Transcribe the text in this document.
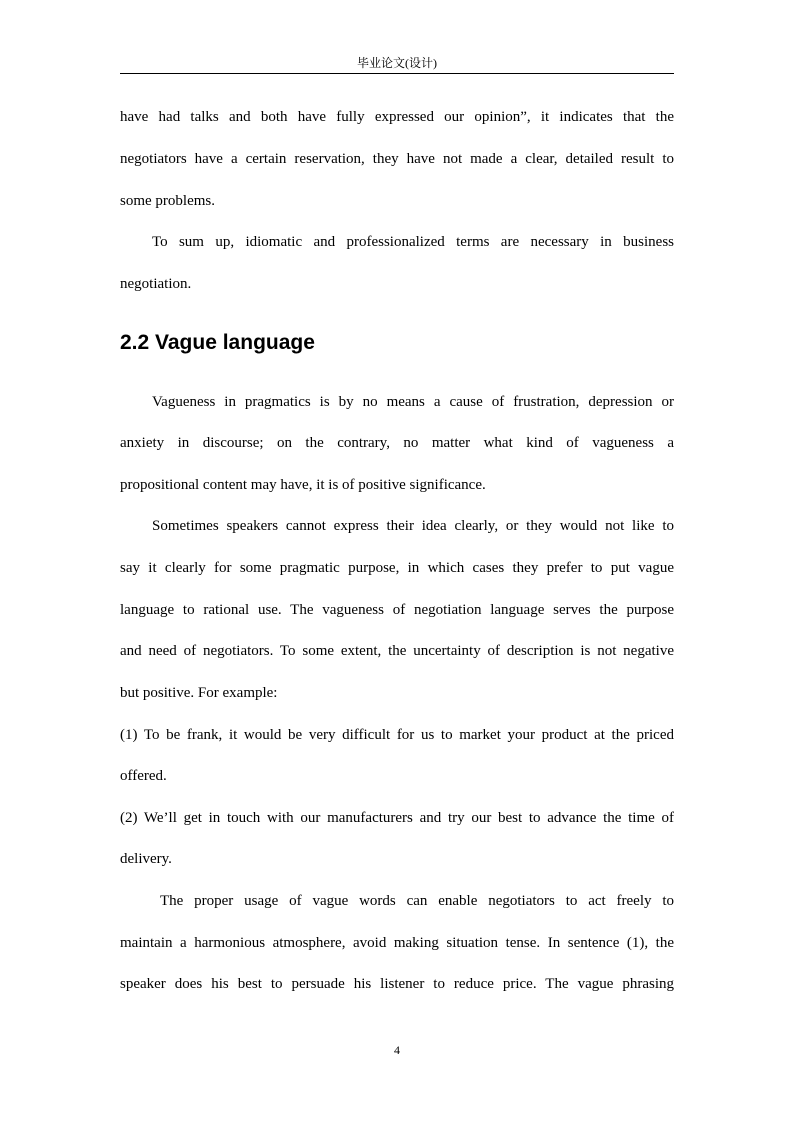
毕业论文(设计)
have had talks and both have fully expressed our opinion”, it indicates that the
negotiators have a certain reservation, they have not made a clear, detailed result to
some problems.
To sum up, idiomatic and professionalized terms are necessary in business
negotiation.
2.2 Vague language
Vagueness in pragmatics is by no means a cause of frustration, depression or
anxiety in discourse; on the contrary, no matter what kind of vagueness a
propositional content may have, it is of positive significance.
Sometimes speakers cannot express their idea clearly, or they would not like to
say it clearly for some pragmatic purpose, in which cases they prefer to put vague
language to rational use. The vagueness of negotiation language serves the purpose
and need of negotiators. To some extent, the uncertainty of description is not negative
but positive. For example:
(1) To be frank, it would be very difficult for us to market your product at the priced
offered.
(2) We’ll get in touch with our manufacturers and try our best to advance the time of
delivery.
The proper usage of vague words can enable negotiators to act freely to
maintain a harmonious atmosphere, avoid making situation tense. In sentence (1), the
speaker does his best to persuade his listener to reduce price. The vague phrasing
4
